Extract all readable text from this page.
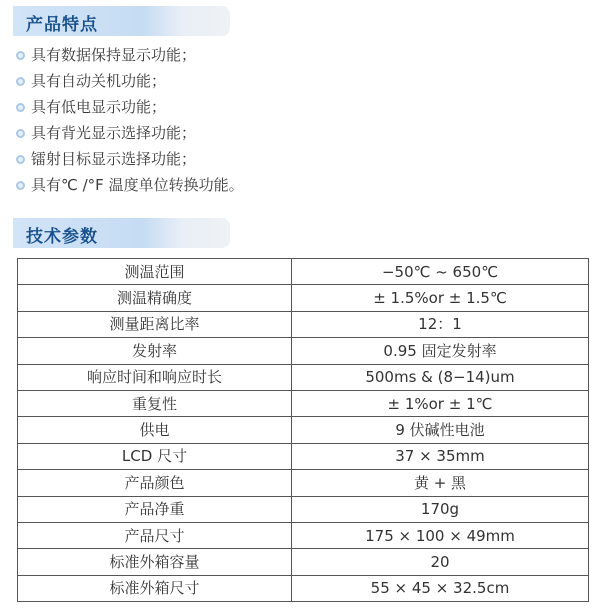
产品特点
具有数据保持显示功能；
具有自动关机功能；
具有低电显示功能；
具有背光显示选择功能；
镭射目标显示选择功能；
具有℃ /°F 温度单位转换功能。
技术参数
测温范围	−50℃ ~ 650℃
测温精确度	± 1.5%or ± 1.5℃
测量距离比率	12：1
发射率	0.95 固定发射率
响应时间和响应时长	500ms & (8−14)um
重复性	± 1%or ± 1℃
供电	9 伏碱性电池
LCD 尺寸	37 × 35mm
产品颜色	黄 + 黑
产品净重	170g
产品尺寸	175 × 100 × 49mm
标准外箱容量	20
标准外箱尺寸	55 × 45 × 32.5cm
